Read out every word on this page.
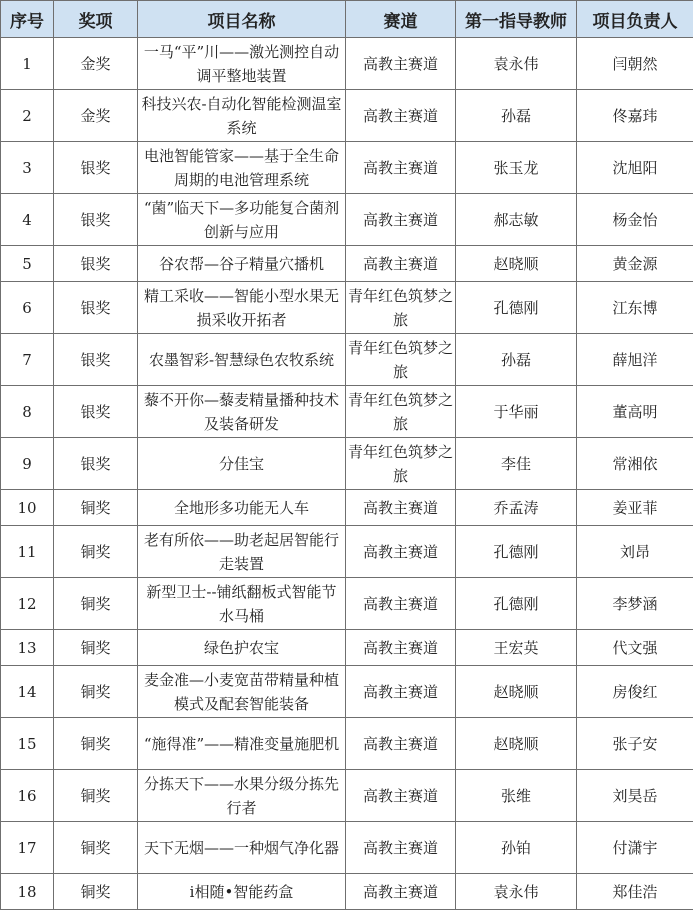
序号	奖项	项目名称	赛道	第一指导教师	项目负责人
1	金奖	一马“平”川——激光测控自动调平整地装置	高教主赛道	袁永伟	闫朝然
2	金奖	科技兴农-自动化智能检测温室系统	高教主赛道	孙磊	佟嘉玮
3	银奖	电池智能管家——基于全生命周期的电池管理系统	高教主赛道	张玉龙	沈旭阳
4	银奖	“菌”临天下—多功能复合菌剂创新与应用	高教主赛道	郝志敏	杨金怡
5	银奖	谷农帮—谷子精量穴播机	高教主赛道	赵晓顺	黄金源
6	银奖	精工采收——智能小型水果无损采收开拓者	青年红色筑梦之旅	孔德刚	江东博
7	银奖	农墨智彩-智慧绿色农牧系统	青年红色筑梦之旅	孙磊	薛旭洋
8	银奖	藜不开你—藜麦精量播种技术及装备研发	青年红色筑梦之旅	于华丽	董高明
9	银奖	分佳宝	青年红色筑梦之旅	李佳	常湘依
10	铜奖	全地形多功能无人车	高教主赛道	乔孟涛	姜亚菲
11	铜奖	老有所依——助老起居智能行走装置	高教主赛道	孔德刚	刘昂
12	铜奖	新型卫士--铺纸翻板式智能节水马桶	高教主赛道	孔德刚	李梦涵
13	铜奖	绿色护农宝	高教主赛道	王宏英	代文强
14	铜奖	麦金准—小麦宽苗带精量种植模式及配套智能装备	高教主赛道	赵晓顺	房俊红
15	铜奖	“施得准”——精准变量施肥机	高教主赛道	赵晓顺	张子安
16	铜奖	分拣天下——水果分级分拣先行者	高教主赛道	张维	刘昊岳
17	铜奖	天下无烟——一种烟气净化器	高教主赛道	孙铂	付潇宇
18	铜奖	i相随•智能药盒	高教主赛道	袁永伟	郑佳浩
